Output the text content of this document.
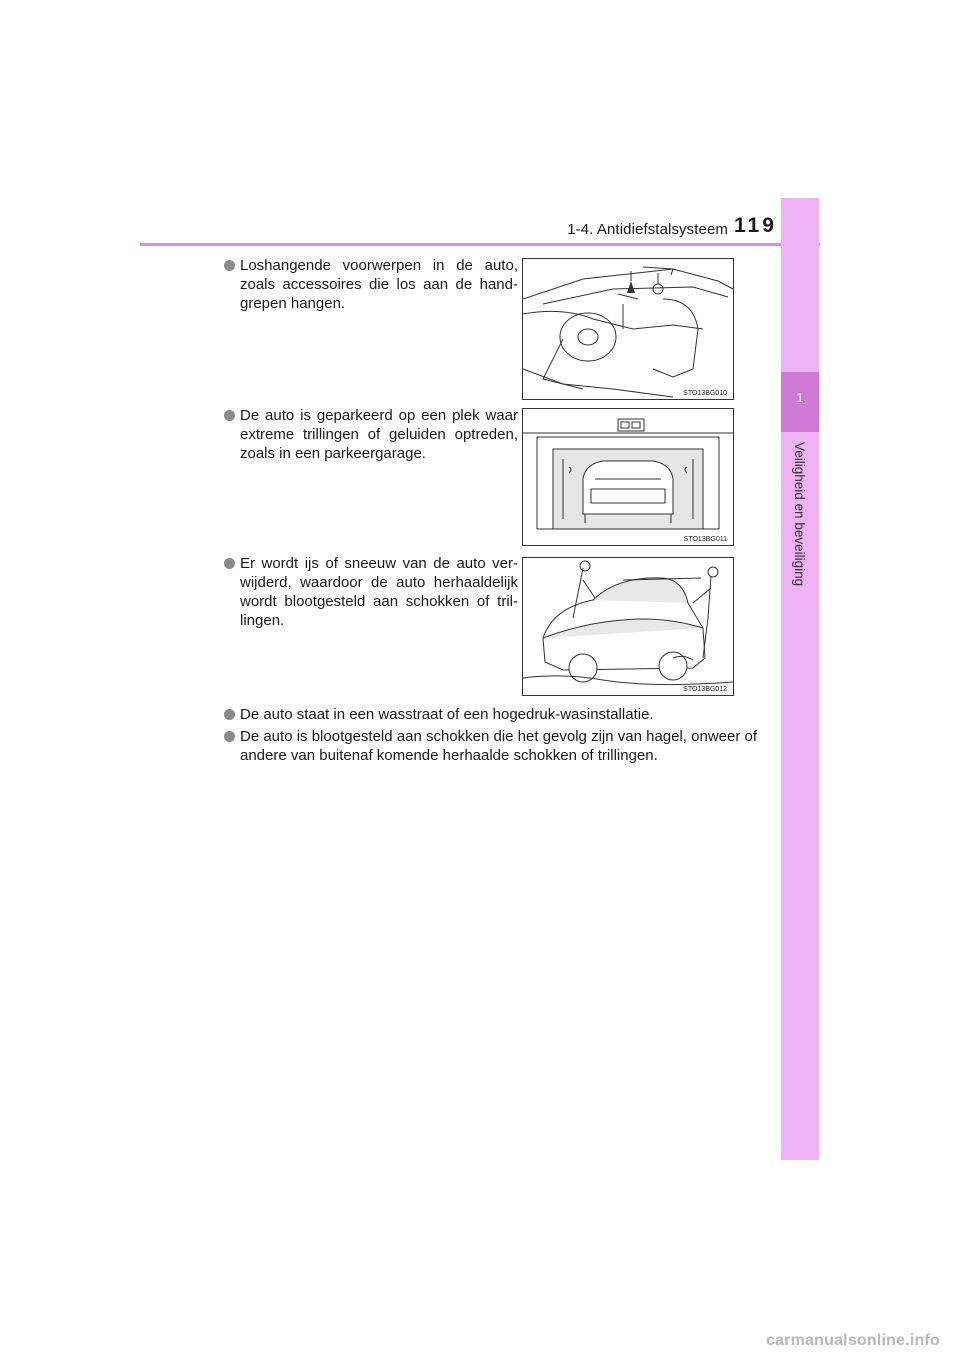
1-4. Antidiefstalsysteem 119
1
Veiligheid en beveiliging
Loshangende voorwerpen in de auto, zoals accessoires die los aan de hand-grepen hangen.
STO13BG010
De auto is geparkeerd op een plek waar extreme trillingen of geluiden optreden, zoals in een parkeergarage.
STO13BG011
Er wordt ijs of sneeuw van de auto ver-wijderd, waardoor de auto herhaaldelijk wordt blootgesteld aan schokken of tril-lingen.
STO13BG012
De auto staat in een wasstraat of een hogedruk-wasinstallatie.
De auto is blootgesteld aan schokken die het gevolg zijn van hagel, onweer of andere van buitenaf komende herhaalde schokken of trillingen.
carmanualsonline.info
